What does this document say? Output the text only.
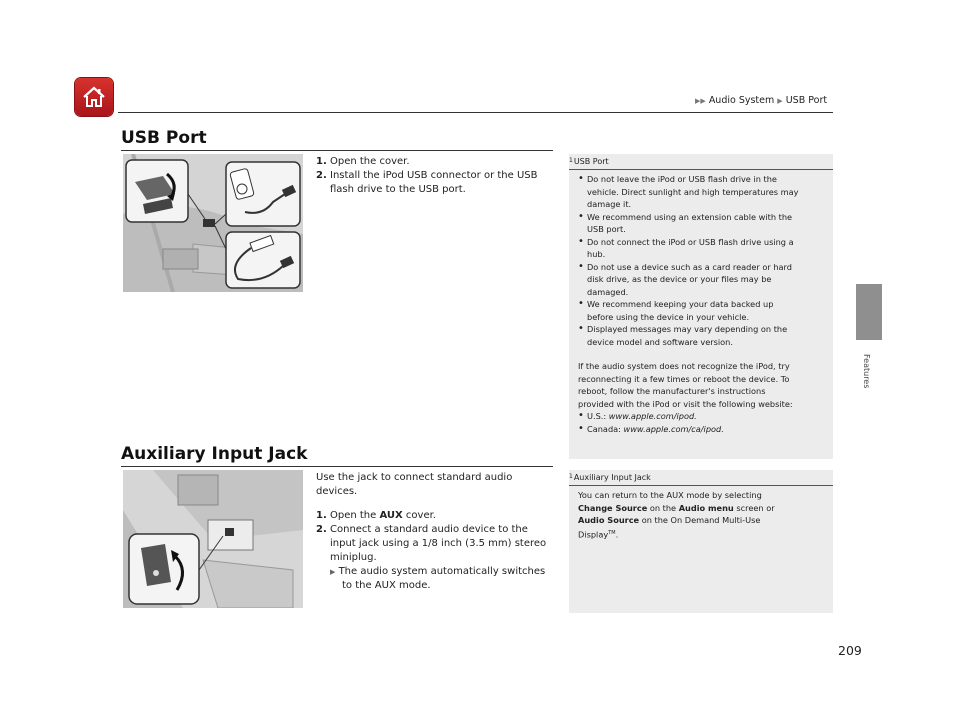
▶▶ Audio System ▶ USB Port
Features
USB Port
1. Open the cover.
2. Install the iPod USB connector or the USB
flash drive to the USB port.
1USB Port
• Do not leave the iPod or USB flash drive in the
vehicle. Direct sunlight and high temperatures may
damage it.
• We recommend using an extension cable with the
USB port.
• Do not connect the iPod or USB flash drive using a
hub.
• Do not use a device such as a card reader or hard
disk drive, as the device or your files may be
damaged.
• We recommend keeping your data backed up
before using the device in your vehicle.
• Displayed messages may vary depending on the
device model and software version.
If the audio system does not recognize the iPod, try
reconnecting it a few times or reboot the device. To
reboot, follow the manufacturer's instructions
provided with the iPod or visit the following website:
• U.S.: www.apple.com/ipod.
• Canada: www.apple.com/ca/ipod.
Auxiliary Input Jack
Use the jack to connect standard audio
devices.
1. Open the AUX cover.
2. Connect a standard audio device to the
input jack using a 1/8 inch (3.5 mm) stereo
miniplug.
▶ The audio system automatically switches
to the AUX mode.
1Auxiliary Input Jack
You can return to the AUX mode by selecting
Change Source on the Audio menu screen or
Audio Source on the On Demand Multi-Use
Display™.
209
